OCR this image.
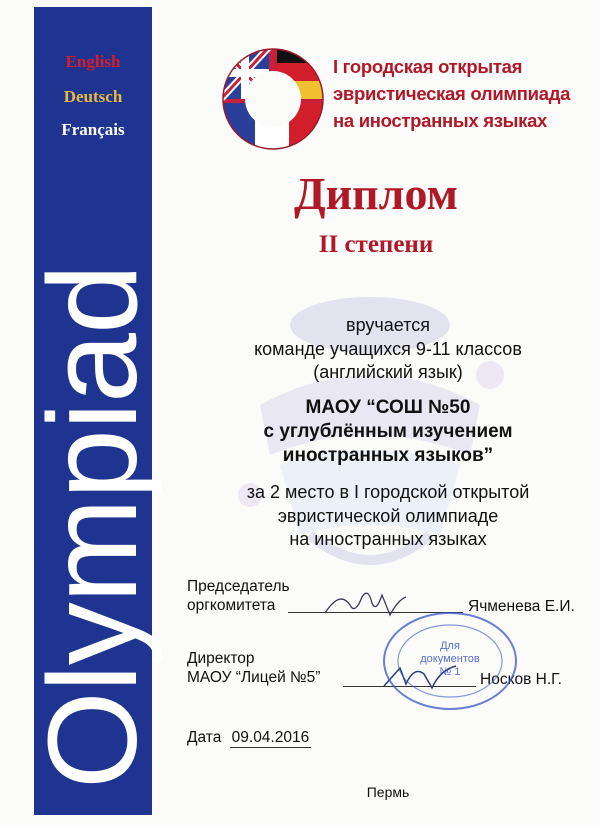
English
Deutsch
Français
Olympiad
I городская открытая
эвристическая олимпиада
на иностранных языках
Диплом
II степени
вручается
команде учащихся 9-11 классов
(английский язык)
МАОУ “СОШ №50
с углублённым изучением
иностранных языков”
за 2 место в I городской открытой
эвристической олимпиаде
на иностранных языках
Председатель
оргкомитета	Ячменева Е.И.
Директор
МАОУ “Лицей №5”	Носков Н.Г.
Для
документов
№ 1
Дата 09.04.2016
Пермь
